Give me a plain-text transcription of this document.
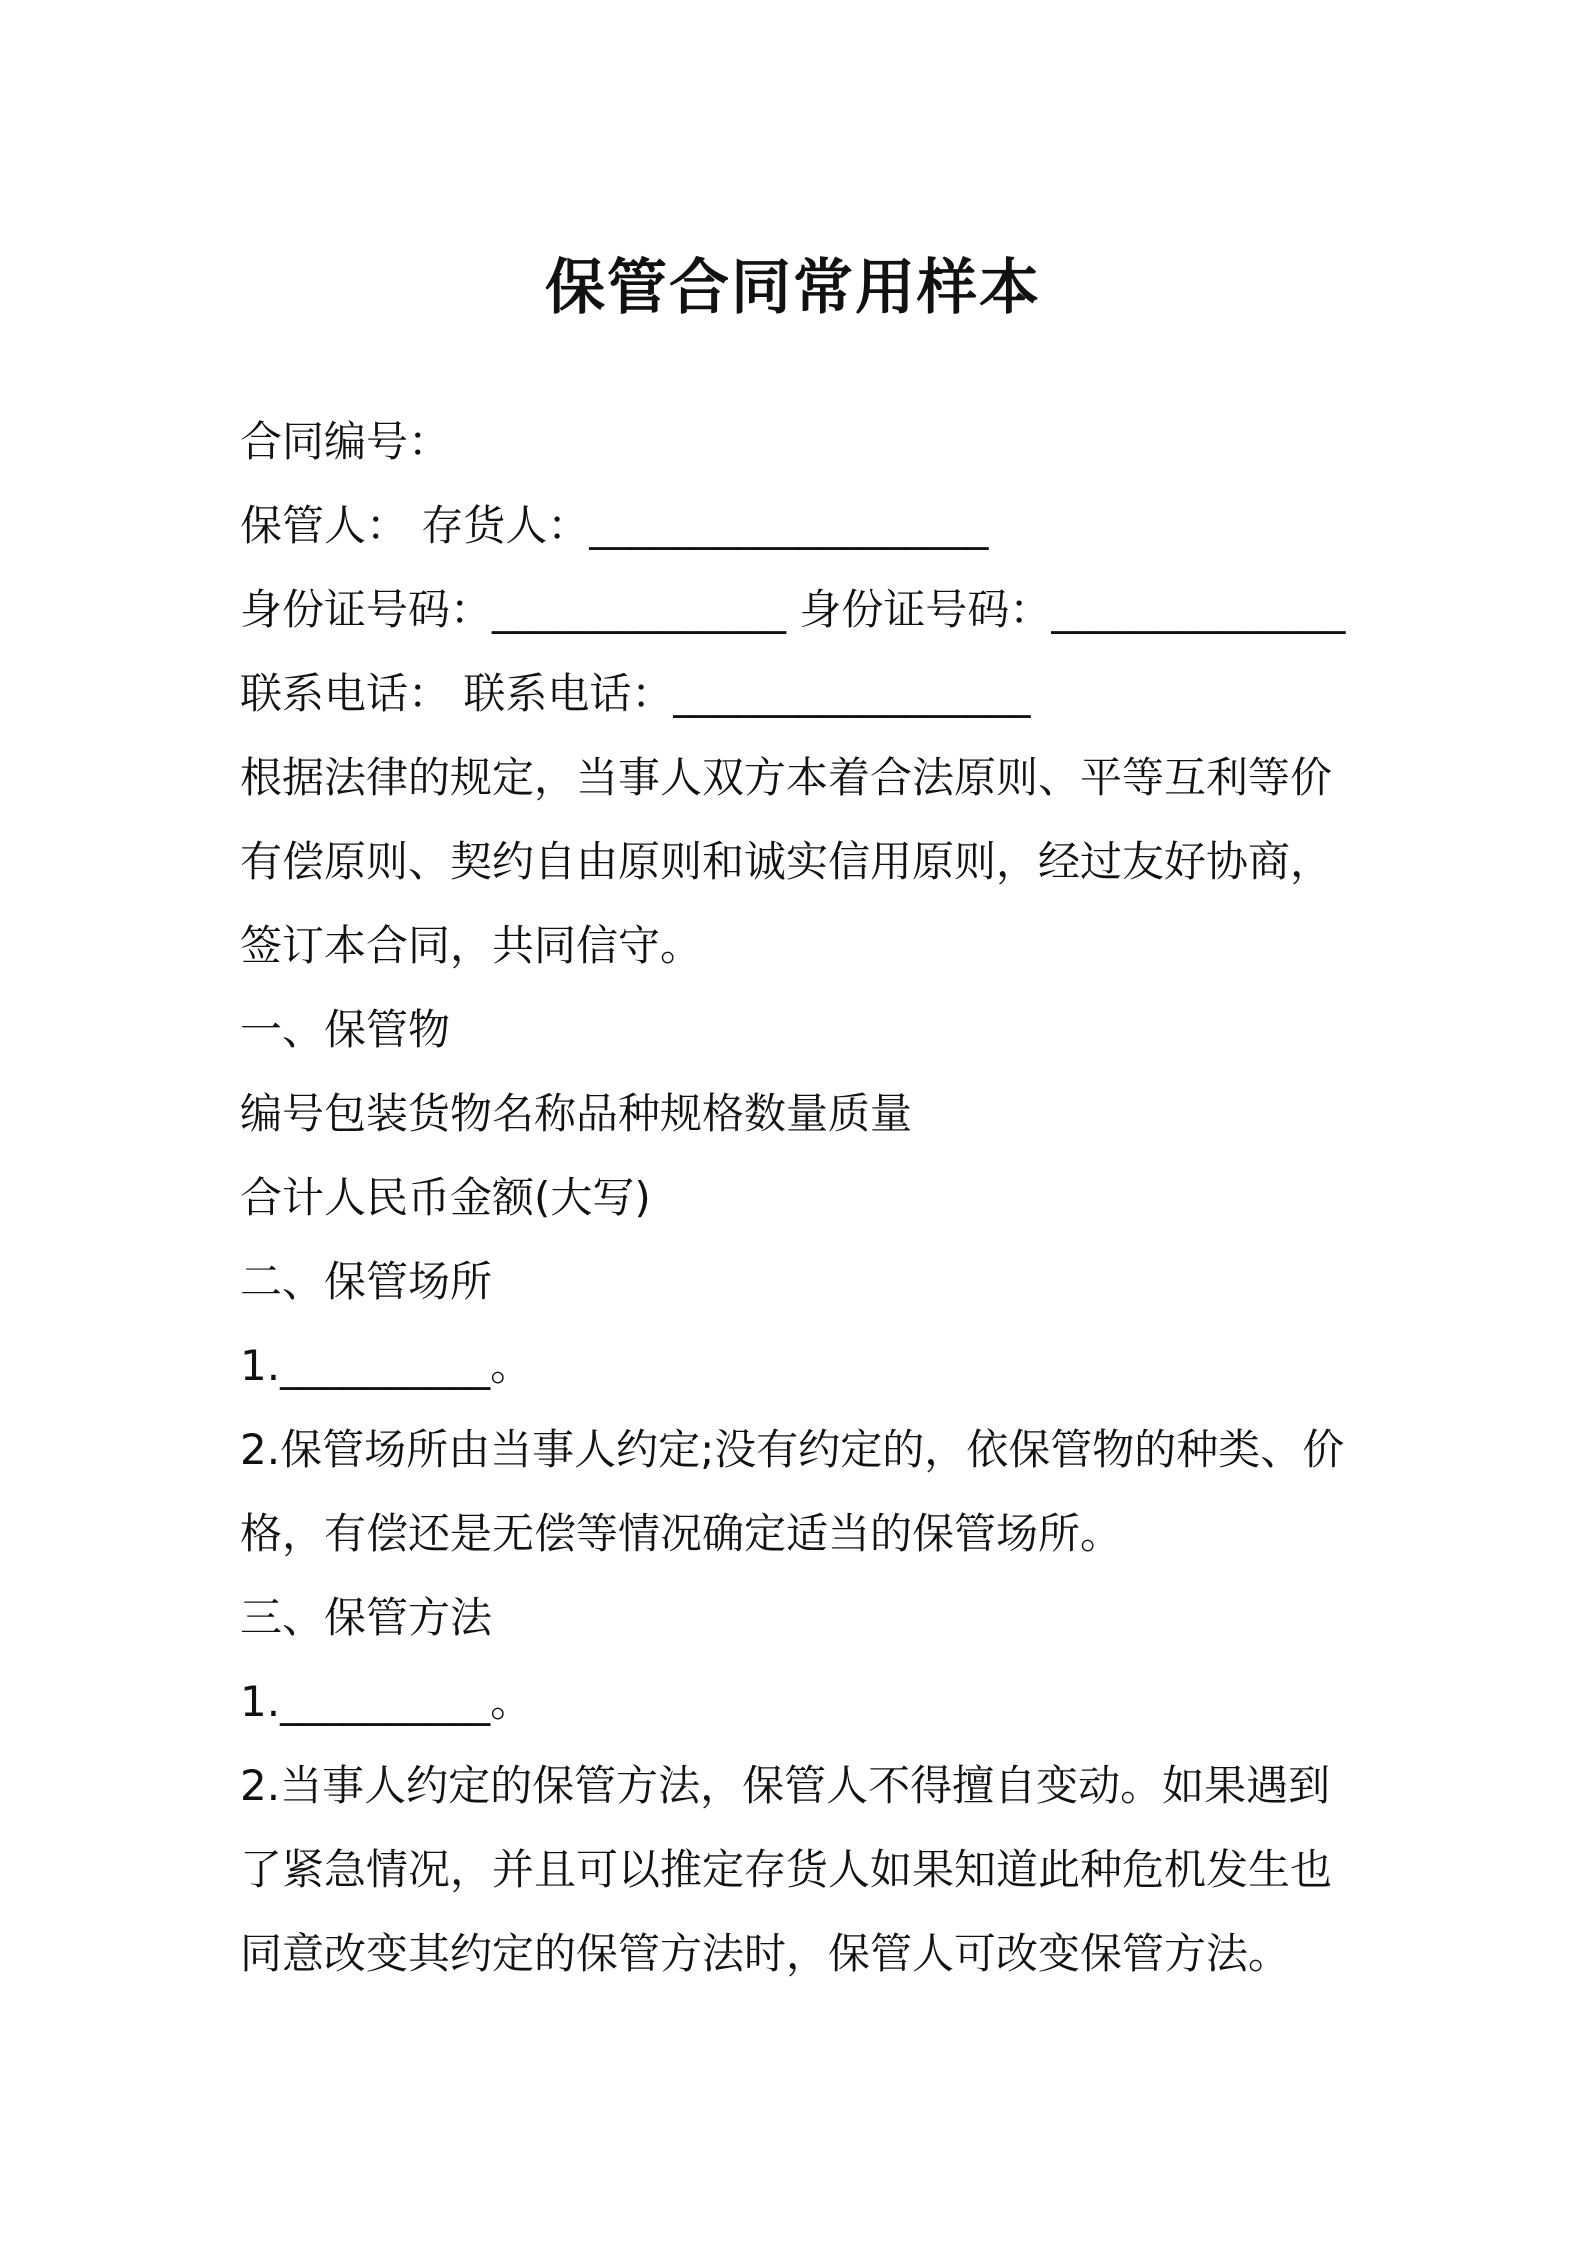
保管合同常用样本
合同编号：
保管人： 存货人：___________________
身份证号码：______________ 身份证号码：______________
联系电话： 联系电话：_________________
根据法律的规定，当事人双方本着合法原则、平等互利等价
有偿原则、契约自由原则和诚实信用原则，经过友好协商，
签订本合同，共同信守。
一、保管物
编号包装货物名称品种规格数量质量
合计人民币金额(大写)
二、保管场所
1.__________。
2.保管场所由当事人约定;没有约定的，依保管物的种类、价
格，有偿还是无偿等情况确定适当的保管场所。
三、保管方法
1.__________。
2.当事人约定的保管方法，保管人不得擅自变动。如果遇到
了紧急情况，并且可以推定存货人如果知道此种危机发生也
同意改变其约定的保管方法时，保管人可改变保管方法。
